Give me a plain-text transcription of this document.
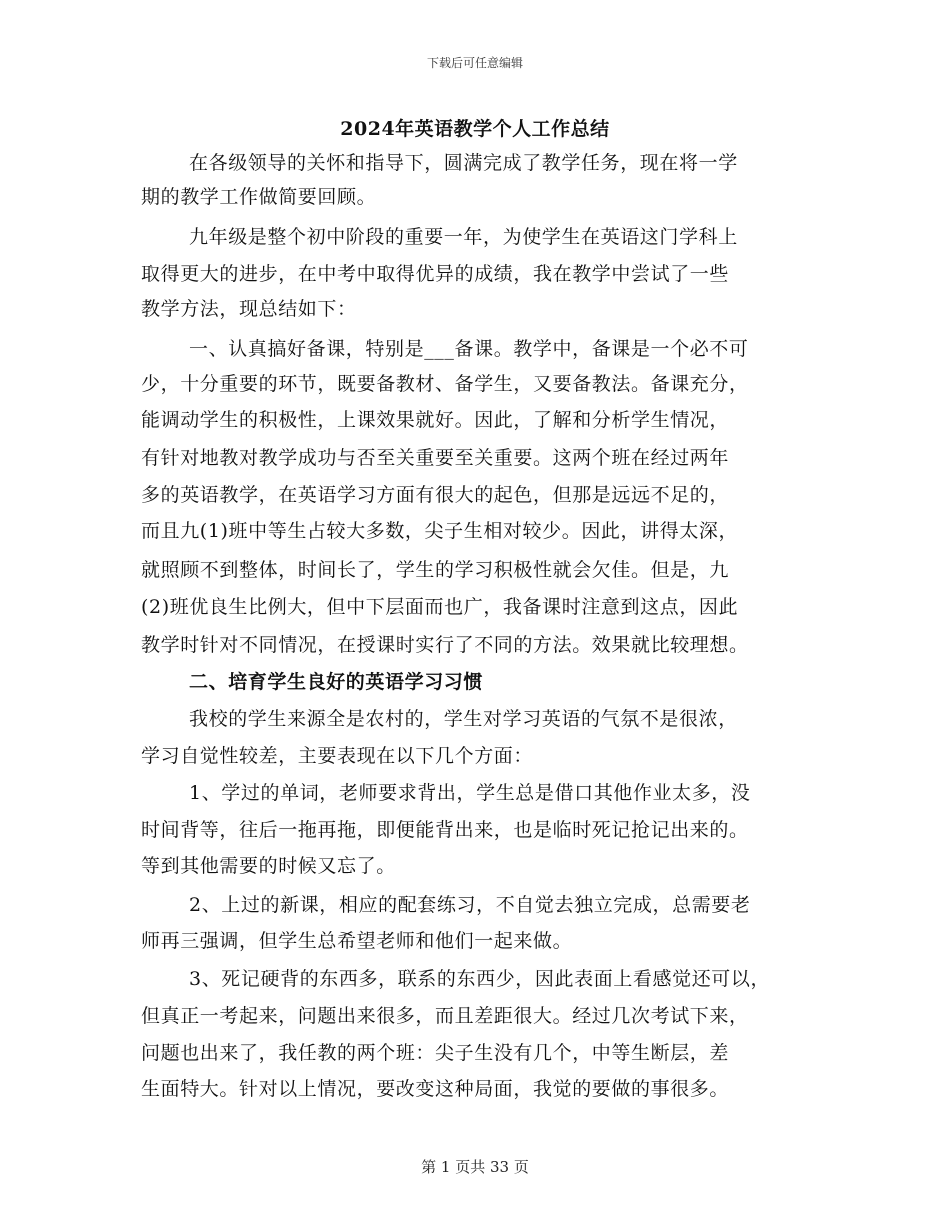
下载后可任意编辑
2024年英语教学个人工作总结
在各级领导的关怀和指导下，圆满完成了教学任务，现在将一学
期的教学工作做简要回顾。
九年级是整个初中阶段的重要一年，为使学生在英语这门学科上
取得更大的进步，在中考中取得优异的成绩，我在教学中尝试了一些
教学方法，现总结如下：
一、认真搞好备课，特别是___备课。教学中，备课是一个必不可
少，十分重要的环节，既要备教材、备学生，又要备教法。备课充分，
能调动学生的积极性，上课效果就好。因此，了解和分析学生情况，
有针对地教对教学成功与否至关重要至关重要。这两个班在经过两年
多的英语教学，在英语学习方面有很大的起色，但那是远远不足的，
而且九(1)班中等生占较大多数，尖子生相对较少。因此，讲得太深，
就照顾不到整体，时间长了，学生的学习积极性就会欠佳。但是，九
(2)班优良生比例大，但中下层面而也广，我备课时注意到这点，因此
教学时针对不同情况，在授课时实行了不同的方法。效果就比较理想。
二、培育学生良好的英语学习习惯
我校的学生来源全是农村的，学生对学习英语的气氛不是很浓，
学习自觉性较差，主要表现在以下几个方面：
1、学过的单词，老师要求背出，学生总是借口其他作业太多，没
时间背等，往后一拖再拖，即便能背出来，也是临时死记抢记出来的。
等到其他需要的时候又忘了。
2、上过的新课，相应的配套练习，不自觉去独立完成，总需要老
师再三强调，但学生总希望老师和他们一起来做。
3、死记硬背的东西多，联系的东西少，因此表面上看感觉还可以，
但真正一考起来，问题出来很多，而且差距很大。经过几次考试下来，
问题也出来了，我任教的两个班：尖子生没有几个，中等生断层，差
生面特大。针对以上情况，要改变这种局面，我觉的要做的事很多。
第 1 页共 33 页
